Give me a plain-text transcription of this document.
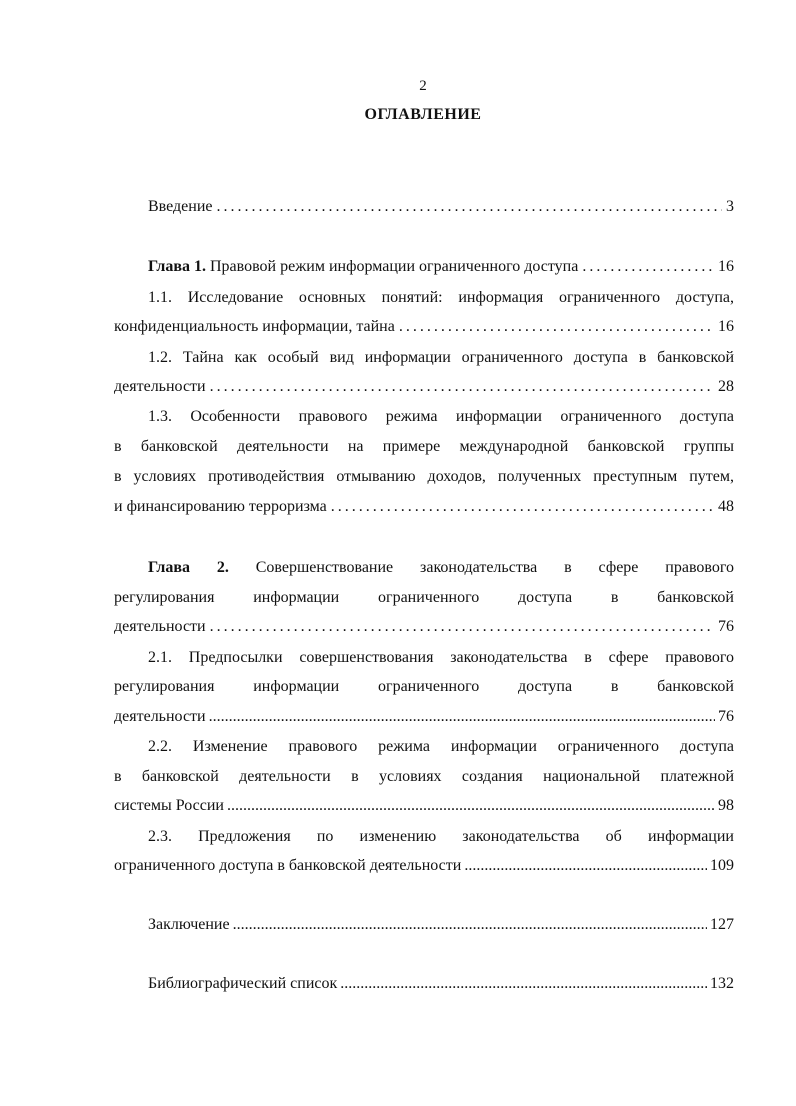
2
ОГЛАВЛЕНИЕ
Введение .....	3
Глава 1. Правовой режим информации ограниченного доступа .....	16
1.1. Исследование основных понятий: информация ограниченного доступа,
конфиденциальность информации, тайна .....	16
1.2. Тайна как особый вид информации ограниченного доступа в банковской
деятельности .....	28
1.3. Особенности правового режима информации ограниченного доступа
в банковской деятельности на примере международной банковской группы
в условиях противодействия отмыванию доходов, полученных преступным путем,
и финансированию терроризма .....	48
Глава 2. Совершенствование законодательства в сфере правового
регулирования информации ограниченного доступа в банковской
деятельности .....	76
2.1. Предпосылки совершенствования законодательства в сфере правового
регулирования информации ограниченного доступа в банковской
деятельности .....	76
2.2. Изменение правового режима информации ограниченного доступа
в банковской деятельности в условиях создания национальной платежной
системы России .....	98
2.3. Предложения по изменению законодательства об информации
ограниченного доступа в банковской деятельности .....	109
Заключение .....	127
Библиографический список .....	132
